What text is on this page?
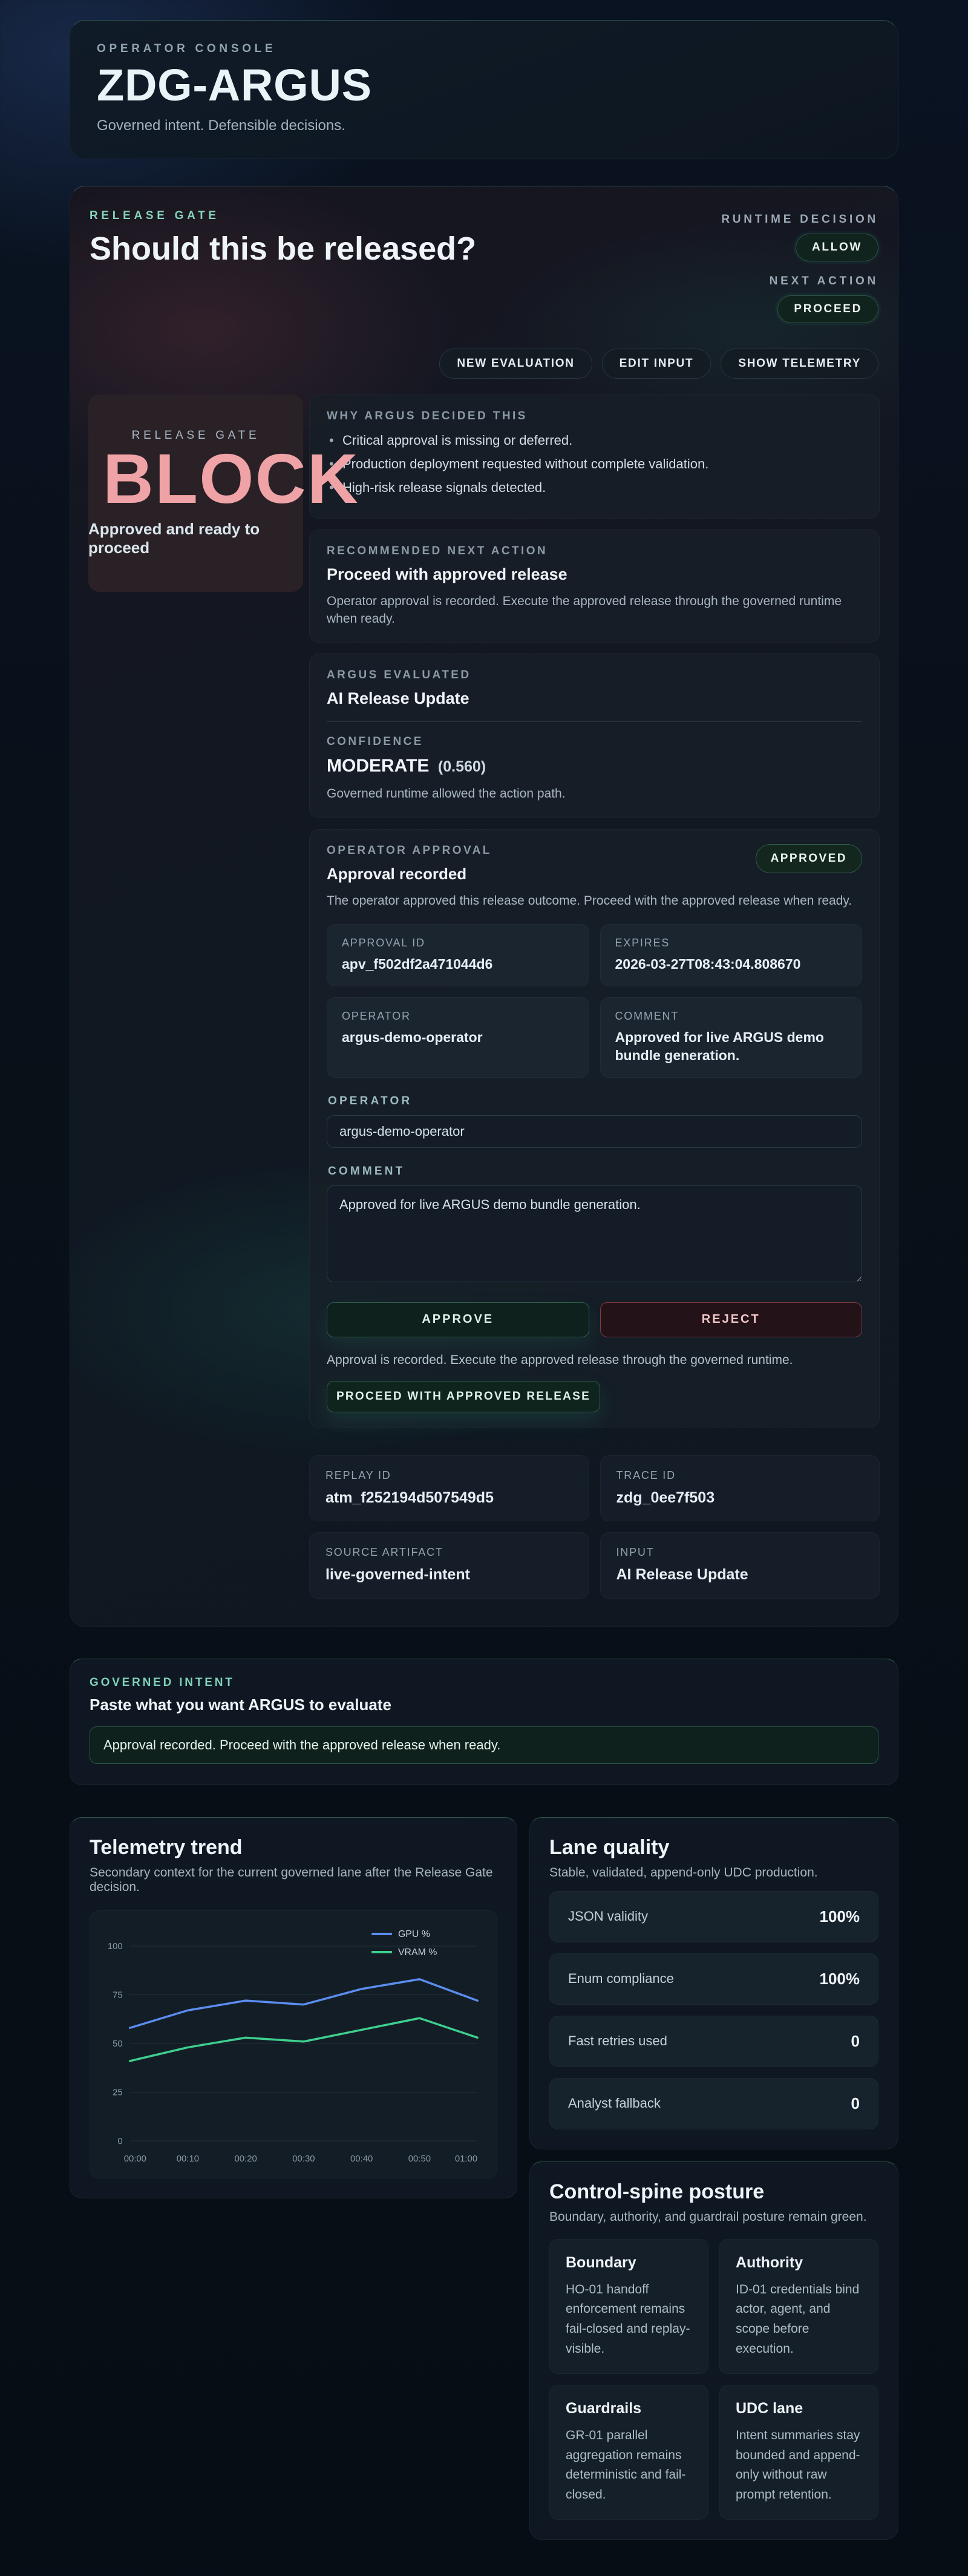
OPERATOR CONSOLE
ZDG-ARGUS
Governed intent. Defensible decisions.
RELEASE GATE
Should this be released?
RUNTIME DECISION
ALLOW
NEXT ACTION
PROCEED
NEW EVALUATION	EDIT INPUT	SHOW TELEMETRY
RELEASE GATE
BLOCK
Approved and ready to proceed
WHY ARGUS DECIDED THIS
• Critical approval is missing or deferred.
• Production deployment requested without complete validation.
• High-risk release signals detected.
RECOMMENDED NEXT ACTION
Proceed with approved release
Operator approval is recorded. Execute the approved release through the governed runtime when ready.
ARGUS EVALUATED
AI Release Update
CONFIDENCE
MODERATE (0.560)
Governed runtime allowed the action path.
OPERATOR APPROVAL
Approval recorded
APPROVED
The operator approved this release outcome. Proceed with the approved release when ready.
APPROVAL ID
apv_f502df2a471044d6
EXPIRES
2026-03-27T08:43:04.808670
OPERATOR
argus-demo-operator
COMMENT
Approved for live ARGUS demo bundle generation.
OPERATOR
argus-demo-operator
COMMENT
Approved for live ARGUS demo bundle generation.
APPROVE	REJECT
Approval is recorded. Execute the approved release through the governed runtime.
PROCEED WITH APPROVED RELEASE
REPLAY ID
atm_f252194d507549d5
TRACE ID
zdg_0ee7f503
SOURCE ARTIFACT
live-governed-intent
INPUT
AI Release Update
GOVERNED INTENT
Paste what you want ARGUS to evaluate
Approval recorded. Proceed with the approved release when ready.
Telemetry trend
Secondary context for the current governed lane after the Release Gate decision.
0
25
50
75
100
00:00	00:10	00:20	00:30	00:40	00:50	01:00
GPU %
VRAM %
Lane quality
Stable, validated, append-only UDC production.
JSON validity	100%
Enum compliance	100%
Fast retries used	0
Analyst fallback	0
Control-spine posture
Boundary, authority, and guardrail posture remain green.
Boundary
HO-01 handoff enforcement remains fail-closed and replay-visible.
Authority
ID-01 credentials bind actor, agent, and scope before execution.
Guardrails
GR-01 parallel aggregation remains deterministic and fail-closed.
UDC lane
Intent summaries stay bounded and append-only without raw prompt retention.
